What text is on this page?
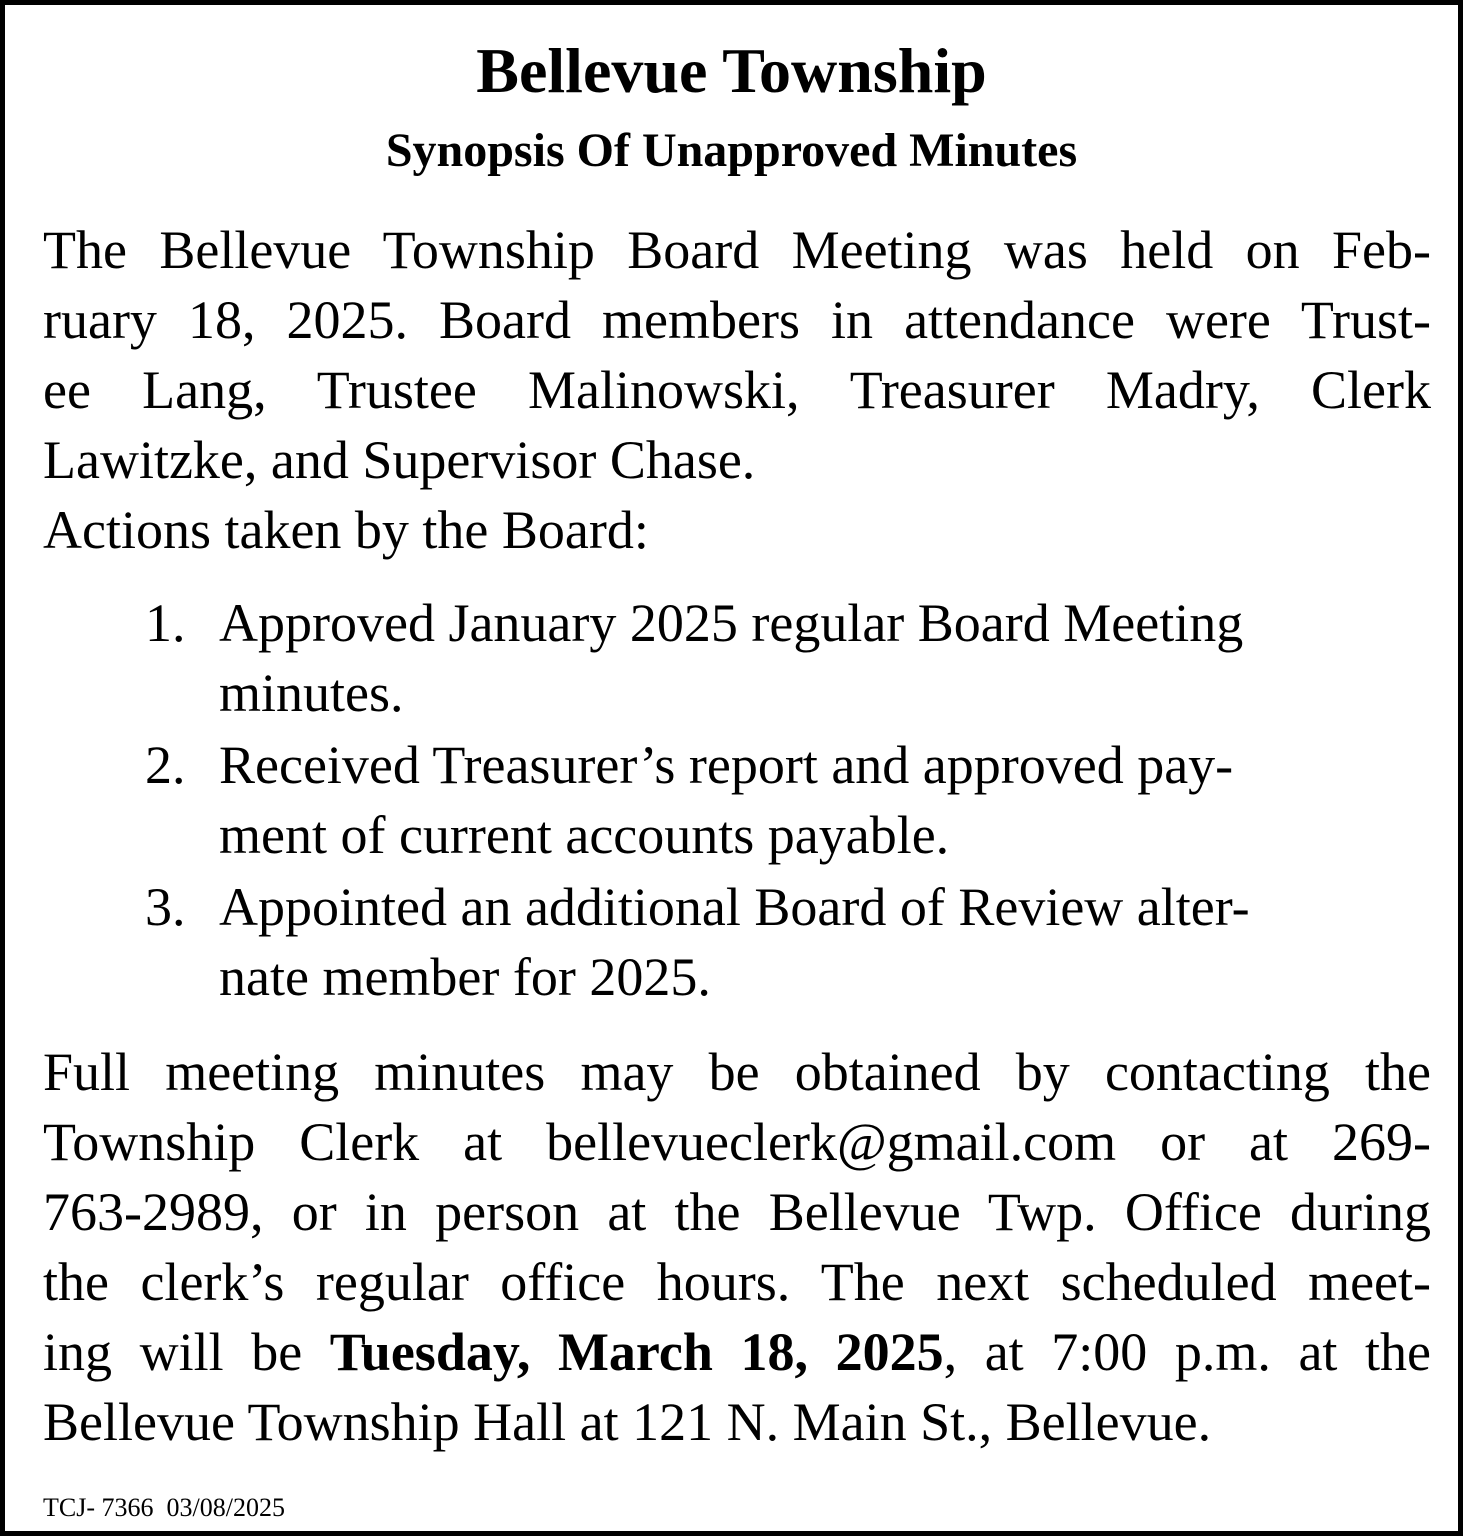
Bellevue Township
Synopsis Of Unapproved Minutes

The Bellevue Township Board Meeting was held on Feb-
ruary 18, 2025. Board members in attendance were Trust-
ee Lang, Trustee Malinowski, Treasurer Madry, Clerk
Lawitzke, and Supervisor Chase.

Actions taken by the Board:

1. Approved January 2025 regular Board Meeting
minutes.
2. Received Treasurer’s report and approved pay-
ment of current accounts payable.
3. Appointed an additional Board of Review alter-
nate member for 2025.

Full meeting minutes may be obtained by contacting the
Township Clerk at bellevueclerk@gmail.com or at 269-
763-2989, or in person at the Bellevue Twp. Office during
the clerk’s regular office hours. The next scheduled meet-
ing will be Tuesday, March 18, 2025, at 7:00 p.m. at the
Bellevue Township Hall at 121 N. Main St., Bellevue.

TCJ- 7366  03/08/2025
